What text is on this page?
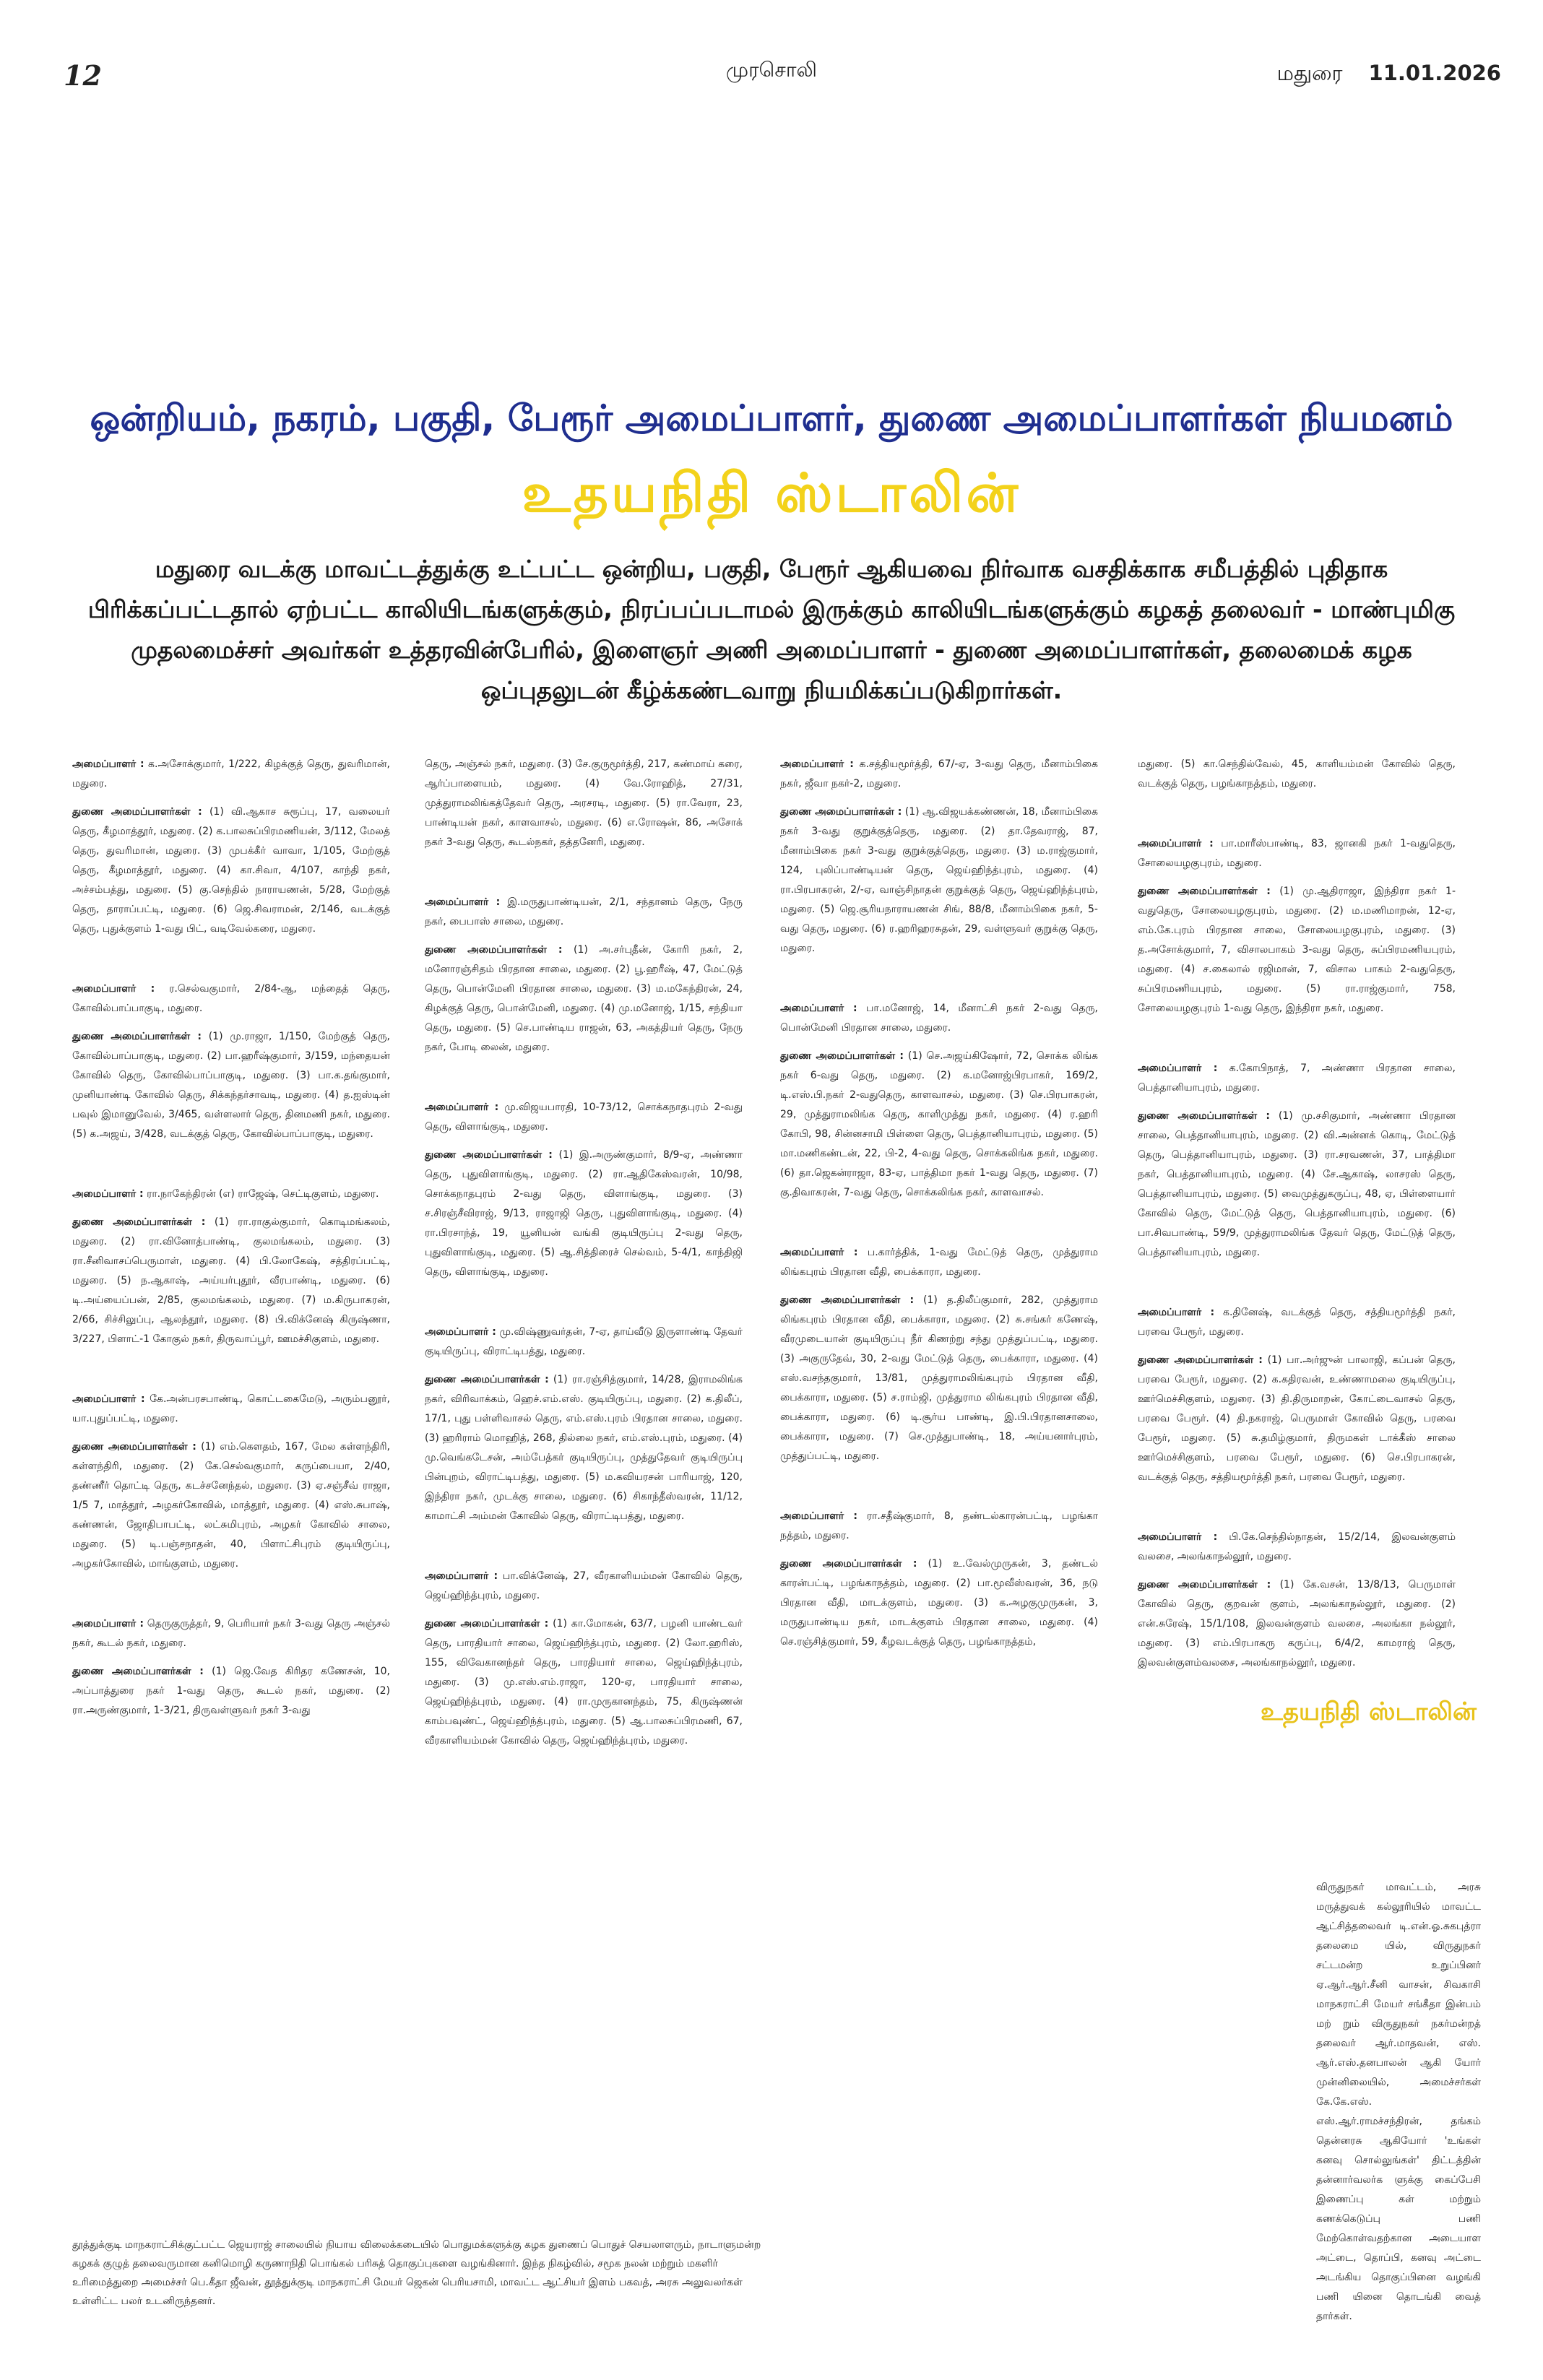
12	முரசொலி	மதுரை 11.01.2026
ஒன்றியம், நகரம், பகுதி, பேரூர் அமைப்பாளர், துணை அமைப்பாளர்கள் நியமனம்
உதயநிதி ஸ்டாலின்
மதுரை வடக்கு மாவட்டத்துக்கு உட்பட்ட ஒன்றிய, பகுதி, பேரூர் ஆகியவை நிர்வாக வசதிக்காக சமீபத்தில் புதிதாக பிரிக்கப்பட்டதால் ஏற்பட்ட காலியிடங்களுக்கும், நிரப்பப்படாமல் இருக்கும் காலியிடங்களுக்கும் கழகத் தலைவர் - மாண்புமிகு முதலமைச்சர் அவர்கள் உத்தரவின்பேரில், இளைஞர் அணி அமைப்பாளர் - துணை அமைப்பாளர்கள், தலைமைக் கழக ஒப்புதலுடன் கீழ்க்கண்டவாறு நியமிக்கப்படுகிறார்கள்.

அமைப்பாளர் : க.அசோக்குமார், 1/222, கிழக்குத் தெரு, துவரிமான், மதுரை.

துணை அமைப்பாளர்கள் : (1) வி.ஆகாச சுரூப்பு, 17, வலையர் தெரு, கீழமாத்தூர், மதுரை. (2) க.பாலசுப்பிரமணியன், 3/112, மேலத் தெரு, துவரிமான், மதுரை. (3) முபக்கீர் வாவா, 1/105, மேற்குத் தெரு, கீழமாத்தூர், மதுரை. (4) கா.சிவா, 4/107, காந்தி நகர், அச்சம்பத்து, மதுரை. (5) கு.செந்தில் நாராயணன், 5/28, மேற்குத் தெரு, தாராப்பட்டி, மதுரை. (6) ஜெ.சிவராமன், 2/146, வடக்குத் தெரு, புதுக்குளம் 1-வது பிட், வடிவேல்கரை, மதுரை.

அமைப்பாளர் : ர.செல்வகுமார், 2/84-ஆ, மந்தைத் தெரு, கோவில்பாப்பாகுடி, மதுரை.

துணை அமைப்பாளர்கள் : (1) மு.ராஜா, 1/150, மேற்குத் தெரு, கோவில்பாப்பாகுடி, மதுரை. (2) பா.ஹரீஷ்குமார், 3/159, மந்தையன் கோவில் தெரு, கோவில்பாப்பாகுடி, மதுரை. (3) பா.க.தங்குமார், முனியாண்டி கோவில் தெரு, சிக்கந்தர்சாவடி, மதுரை. (4) த.ஐஸ்டின் பவுல் இமானுவேல், 3/465, வள்ளலார் தெரு, தினமணி நகர், மதுரை. (5) க.அஜய், 3/428, வடக்குத் தெரு, கோவில்பாப்பாகுடி, மதுரை.

அமைப்பாளர் : ரா.நாகேந்திரன் (எ) ராஜேஷ், செட்டிகுளம், மதுரை.

துணை அமைப்பாளர்கள் : (1) ரா.ராகுல்குமார், கொடிமங்கலம், மதுரை. (2) ரா.வினோத்பாண்டி, குலமங்கலம், மதுரை. (3) ரா.சீனிவாசப்பெருமாள், மதுரை. (4) பி.லோகேஷ், சத்திரப்பட்டி, மதுரை. (5) ந.ஆகாஷ், அய்யர்புதூர், வீரபாண்டி, மதுரை. (6) டி.அய்யைப்பன், 2/85, குலமங்கலம், மதுரை. (7) ம.கிருபாகரன், 2/66, சிச்சிலுப்பு, ஆலந்தூர், மதுரை. (8) பி.விக்னேஷ் கிருஷ்ணா, 3/227, பிளாட்-1 கோகுல் நகர், திருவாப்பூர், ஊமச்சிகுளம், மதுரை.

அமைப்பாளர் : கே.அன்பரசபாண்டி, கொட்டகைமேடு, அரும்பனூர், யா.புதுப்பட்டி, மதுரை.

துணை அமைப்பாளர்கள் : (1) எம்.கௌதம், 167, மேல கள்ளந்திரி, கள்ளந்திரி, மதுரை. (2) கே.செல்வகுமார், கருப்பையா, 2/40, தண்ணீர் தொட்டி தெரு, கடச்சனேந்தல், மதுரை. (3) ஏ.சஞ்சீவ் ராஜா, 1/5 7, மாத்தூர், அழகர்கோவில், மாத்தூர், மதுரை. (4) எஸ்.சுபாஷ், கண்ணன், ஜோதிபாபட்டி, லட்சுமிபுரம், அழகர் கோவில் சாலை, மதுரை. (5) டி.பஞ்சநாதன், 40, பிளாட்சிபுரம் குடியிருப்பு, அழகர்கோவில், மாங்குளம், மதுரை.

அமைப்பாளர் : தெருகுருத்தர், 9, பெரியார் நகர் 3-வது தெரு அஞ்சல் நகர், கூடல் நகர், மதுரை.

துணை அமைப்பாளர்கள் : (1) ஜெ.வேத கிரிதர கணேசன், 10, அப்பாத்துரை நகர் 1-வது தெரு, கூடல் நகர், மதுரை. (2) ரா.அருண்குமார், 1-3/21, திருவள்ளுவர் நகர் 3-வது

தெரு, அஞ்சல் நகர், மதுரை. (3) சே.குருமூர்த்தி, 217, கண்மாய் கரை, ஆர்ப்பாளையம், மதுரை. (4) வே.ரோஹித், 27/31, முத்துராமலிங்கத்தேவர் தெரு, அரசரடி, மதுரை. (5) ரா.வேரா, 23, பாண்டியன் நகர், காளவாசல், மதுரை. (6) எ.ரோஷன், 86, அசோக் நகர் 3-வது தெரு, கூடல்நகர், தத்தனேரி, மதுரை.

அமைப்பாளர் : இ.மருதுபாண்டியன், 2/1, சந்தானம் தெரு, நேரு நகர், பைபாஸ் சாலை, மதுரை.

துணை அமைப்பாளர்கள் : (1) அ.சர்புதீன், கோரி நகர், 2, மனோரஞ்சிதம் பிரதான சாலை, மதுரை. (2) பூ.ஹரீஷ், 47, மேட்டுத் தெரு, பொன்மேனி பிரதான சாலை, மதுரை. (3) ம.மகேந்திரன், 24, கிழக்குத் தெரு, பொன்மேனி, மதுரை. (4) மு.மனோஜ், 1/15, சந்தியா தெரு, மதுரை. (5) செ.பாண்டிய ராஜன், 63, அகத்தியர் தெரு, நேரு நகர், போடி லைன், மதுரை.

அமைப்பாளர் : மு.விஜயபாரதி, 10-73/12, சொக்கநாதபுரம் 2-வது தெரு, விளாங்குடி, மதுரை.

துணை அமைப்பாளர்கள் : (1) இ.அருண்குமார், 8/9-ஏ, அண்ணா தெரு, புதுவிளாங்குடி, மதுரை. (2) ரா.ஆதிகேஸ்வரன், 10/98, சொக்கநாதபுரம் 2-வது தெரு, விளாங்குடி, மதுரை. (3) ச.சிரஞ்சீவிராஜ், 9/13, ராஜாஜி தெரு, புதுவிளாங்குடி, மதுரை. (4) ரா.பிரசாந்த், 19, யூனியன் வங்கி குடியிருப்பு 2-வது தெரு, புதுவிளாங்குடி, மதுரை. (5) ஆ.சித்திரைச் செல்வம், 5-4/1, காந்திஜி தெரு, விளாங்குடி, மதுரை.

அமைப்பாளர் : மு.விஷ்ணுவர்தன், 7-ஏ, தாய்வீடு இருளாண்டி தேவர் குடியிருப்பு, விராட்டிபத்து, மதுரை.

துணை அமைப்பாளர்கள் : (1) ரா.ரஞ்சித்குமார், 14/28, இராமலிங்க நகர், விரிவாக்கம், ஹெச்.எம்.எஸ். குடியிருப்பு, மதுரை. (2) க.திலீப், 17/1, புது பள்ளிவாசல் தெரு, எம்.எஸ்.புரம் பிரதான சாலை, மதுரை. (3) ஹரிராம் மொஹித், 268, தில்லை நகர், எம்.எஸ்.புரம், மதுரை. (4) மு.வெங்கடேசன், அம்பேத்கர் குடியிருப்பு, முத்துதேவர் குடியிருப்பு பின்புறம், விராட்டிபத்து, மதுரை. (5) ம.கவியரசன் பாரியாஜ், 120, இந்திரா நகர், முடக்கு சாலை, மதுரை. (6) சிகாந்தீஸ்வரன், 11/12, காமாட்சி அம்மன் கோவில் தெரு, விராட்டிபத்து, மதுரை.

அமைப்பாளர் : பா.விக்னேஷ், 27, வீரகாளியம்மன் கோவில் தெரு, ஜெய்ஹிந்த்புரம், மதுரை.

துணை அமைப்பாளர்கள் : (1) கா.மோகன், 63/7, பழனி யாண்டவர் தெரு, பாரதியார் சாலை, ஜெய்ஹிந்த்புரம், மதுரை. (2) லோ.ஹரிஸ், 155, விவேகானந்தர் தெரு, பாரதியார் சாலை, ஜெய்ஹிந்த்புரம், மதுரை. (3) மு.எஸ்.எம்.ராஜா, 120-ஏ, பாரதியார் சாலை, ஜெய்ஹிந்த்புரம், மதுரை. (4) ரா.முருகானந்தம், 75, கிருஷ்ணன் காம்பவுண்ட், ஜெய்ஹிந்த்புரம், மதுரை. (5) ஆ.பாலசுப்பிரமணி, 67, வீரகாளியம்மன் கோவில் தெரு, ஜெய்ஹிந்த்புரம், மதுரை.

அமைப்பாளர் : க.சத்தியமூர்த்தி, 67/-ஏ, 3-வது தெரு, மீனாம்பிகை நகர், ஜீவா நகர்-2, மதுரை.

துணை அமைப்பாளர்கள் : (1) ஆ.விஜயக்கண்ணன், 18, மீனாம்பிகை நகர் 3-வது குறுக்குத்தெரு, மதுரை. (2) தா.தேவராஜ், 87, மீனாம்பிகை நகர் 3-வது குறுக்குத்தெரு, மதுரை. (3) ம.ராஜ்குமார், 124, புலிப்பாண்டியன் தெரு, ஜெய்ஹிந்த்புரம், மதுரை. (4) ரா.பிரபாகரன், 2/-ஏ, வாஞ்சிநாதன் குறுக்குத் தெரு, ஜெய்ஹிந்த்புரம், மதுரை. (5) ஜெ.சூரியநாராயணன் சிங், 88/8, மீனாம்பிகை நகர், 5-வது தெரு, மதுரை. (6) ர.ஹரிஹரசுதன், 29, வள்ளுவர் குறுக்கு தெரு, மதுரை.

அமைப்பாளர் : பா.மனோஜ், 14, மீனாட்சி நகர் 2-வது தெரு, பொன்மேனி பிரதான சாலை, மதுரை.

துணை அமைப்பாளர்கள் : (1) செ.அஜய்கிஷோர், 72, சொக்க லிங்க நகர் 6-வது தெரு, மதுரை. (2) க.மனோஜ்பிரபாகர், 169/2, டி.எஸ்.பி.நகர் 2-வதுதெரு, காளவாசல், மதுரை. (3) செ.பிரபாகரன், 29, முத்துராமலிங்க தெரு, காளிமுத்து நகர், மதுரை. (4) ர.ஹரி கோபி, 98, சின்னசாமி பிள்ளை தெரு, பெத்தானியாபுரம், மதுரை. (5) மா.மணிகண்டன், 22, பி-2, 4-வது தெரு, சொக்கலிங்க நகர், மதுரை. (6) தா.ஜெகன்ராஜா, 83-ஏ, பாத்திமா நகர் 1-வது தெரு, மதுரை. (7) கு.திவாகரன், 7-வது தெரு, சொக்கலிங்க நகர், காளவாசல்.

அமைப்பாளர் : ப.கார்த்திக், 1-வது மேட்டுத் தெரு, முத்துராம லிங்கபுரம் பிரதான வீதி, பைக்காரா, மதுரை.

துணை அமைப்பாளர்கள் : (1) த.திலீப்குமார், 282, முத்துராம லிங்கபுரம் பிரதான வீதி, பைக்காரா, மதுரை. (2) சு.சங்கர் கணேஷ், வீரமுடையான் குடியிருப்பு நீர் கிணற்று சந்து முத்துப்பட்டி, மதுரை. (3) அகுருதேவ், 30, 2-வது மேட்டுத் தெரு, பைக்காரா, மதுரை. (4) எஸ்.வசந்தகுமார், 13/81, முத்துராமலிங்கபுரம் பிரதான வீதி, பைக்காரா, மதுரை. (5) ச.ராம்ஜி, முத்துராம லிங்கபுரம் பிரதான வீதி, பைக்காரா, மதுரை. (6) டி.சூர்ய பாண்டி, இ.பி.பிரதானசாலை, பைக்காரா, மதுரை. (7) செ.முத்துபாண்டி, 18, அய்யனார்புரம், முத்துப்பட்டி, மதுரை.

அமைப்பாளர் : ரா.சதீஷ்குமார், 8, தண்டல்காரன்பட்டி, பழங்கா நத்தம், மதுரை.

துணை அமைப்பாளர்கள் : (1) உ.வேல்முருகன், 3, தண்டல் காரன்பட்டி, பழங்காநத்தம், மதுரை. (2) பா.மூவீஸ்வரன், 36, நடு பிரதான வீதி, மாடக்குளம், மதுரை. (3) க.அழகுமுருகன், 3, மருதுபாண்டிய நகர், மாடக்குளம் பிரதான சாலை, மதுரை. (4) செ.ரஞ்சித்குமார், 59, கீழவடக்குத் தெரு, பழங்காநத்தம்,

மதுரை. (5) கா.செந்தில்வேல், 45, காளியம்மன் கோவில் தெரு, வடக்குத் தெரு, பழங்காநத்தம், மதுரை.

அமைப்பாளர் : பா.மாரீஸ்பாண்டி, 83, ஜானகி நகர் 1-வதுதெரு, சோலையழகுபுரம், மதுரை.

துணை அமைப்பாளர்கள் : (1) மு.ஆதிராஜா, இந்திரா நகர் 1-வதுதெரு, சோலையழகுபுரம், மதுரை. (2) ம.மணிமாறன், 12-ஏ, எம்.கே.புரம் பிரதான சாலை, சோலையழகுபுரம், மதுரை. (3) த.அசோக்குமார், 7, விசாலபாகம் 3-வது தெரு, சுப்பிரமணியபுரம், மதுரை. (4) ச.கைலால் ரஜிமான், 7, விசால பாகம் 2-வதுதெரு, சுப்பிரமணியபுரம், மதுரை. (5) ரா.ராஜ்குமார், 758, சோலையழகுபுரம் 1-வது தெரு, இந்திரா நகர், மதுரை.

அமைப்பாளர் : க.கோபிநாத், 7, அண்ணா பிரதான சாலை, பெத்தானியாபுரம், மதுரை.

துணை அமைப்பாளர்கள் : (1) மு.சசிகுமார், அண்ணா பிரதான சாலை, பெத்தானியாபுரம், மதுரை. (2) வி.அன்னக் கொடி, மேட்டுத் தெரு, பெத்தானியாபுரம், மதுரை. (3) ரா.சரவணன், 37, பாத்திமா நகர், பெத்தானியாபுரம், மதுரை. (4) சே.ஆகாஷ், லாசரஸ் தெரு, பெத்தானியாபுரம், மதுரை. (5) வைமுத்துகருப்பு, 48, ஏ, பிள்ளையார் கோவில் தெரு, மேட்டுத் தெரு, பெத்தானியாபுரம், மதுரை. (6) பா.சிவபாண்டி, 59/9, முத்துராமலிங்க தேவர் தெரு, மேட்டுத் தெரு, பெத்தானியாபுரம், மதுரை.

அமைப்பாளர் : க.தினேஷ், வடக்குத் தெரு, சத்தியமூர்த்தி நகர், பரவை பேரூர், மதுரை.

துணை அமைப்பாளர்கள் : (1) பா.அர்ஜுன் பாலாஜி, கப்பன் தெரு, பரவை பேரூர், மதுரை. (2) க.கதிரவன், உண்ணாமலை குடியிருப்பு, ஊர்மெச்சிகுளம், மதுரை. (3) தி.திருமாறன், கோட்டைவாசல் தெரு, பரவை பேரூர். (4) தி.நகராஜ், பெருமாள் கோவில் தெரு, பரவை பேரூர், மதுரை. (5) சு.தமிழ்குமார், திருமகள் டாக்கீஸ் சாலை ஊர்மெச்சிகுளம், பரவை பேரூர், மதுரை. (6) செ.பிரபாகரன், வடக்குத் தெரு, சத்தியமூர்த்தி நகர், பரவை பேரூர், மதுரை.

அமைப்பாளர் : பி.கே.செந்தில்நாதன், 15/2/14, இலவன்குளம் வலசை, அலங்காநல்லூர், மதுரை.

துணை அமைப்பாளர்கள் : (1) கே.வசன், 13/8/13, பெருமாள் கோவில் தெரு, குறவன் குளம், அலங்காநல்லூர், மதுரை. (2) என்.சுரேஷ், 15/1/108, இலவன்குளம் வலசை, அலங்கா நல்லூர், மதுரை. (3) எம்.பிரபாகரு கருப்பு, 6/4/2, காமராஜ் தெரு, இலவன்குளம்வலசை, அலங்காநல்லூர், மதுரை.

உதயநிதி ஸ்டாலின்
விருதுநகர் மாவட்டம், அரசு மருத்துவக் கல்லூரியில் மாவட்ட ஆட்சித்தலைவர் டி.என்.ஓ.சுகபுத்ரா தலைமை யில், விருதுநகர் சட்டமன்ற உறுப்பினர் ஏ.ஆர்.ஆர்.சீனி வாசன், சிவகாசி மாநகராட்சி மேயர் சங்கீதா இன்பம் மற் றும் விருதுநகர் நகர்மன்றத் தலைவர் ஆர்.மாதவன், எஸ். ஆர்.எஸ்.தனபாலன் ஆகி யோர் முன்னிலையில், அமைச்சர்கள் கே.கே.எஸ். எஸ்.ஆர்.ராமச்சந்திரன், தங்கம் தென்னரசு ஆகியோர் 'உங்கள் கனவு சொல்லுங்கள்' திட்டத்தின் தன்னார்வலர்க ளுக்கு கைப்பேசி இணைப்பு கள் மற்றும் கணக்கெடுப்பு பணி மேற்கொள்வதற்கான அடையாள அட்டை, தொப்பி, கனவு அட்டை அடங்கிய தொகுப்பினை வழங்கி பணி யினை தொடங்கி வைத் தார்கள்.
தூத்துக்குடி மாநகராட்சிக்குட்பட்ட ஜெயராஜ் சாலையில் நியாய விலைக்கடையில் பொதுமக்களுக்கு கழக துணைப் பொதுச் செயலாளரும், நாடாளுமன்ற கழகக் குழுத் தலைவருமான கனிமொழி கருணாநிதி பொங்கல் பரிசுத் தொகுப்புகளை வழங்கினார். இந்த நிகழ்வில், சமூக நலன் மற்றும் மகளிர் உரிமைத்துறை அமைச்சர் பெ.கீதா ஜீவன், தூத்துக்குடி மாநகராட்சி மேயர் ஜெகன் பெரியசாமி, மாவட்ட ஆட்சியர் இளம் பகவத், அரசு அலுவலர்கள் உள்ளிட்ட பலர் உடனிருந்தனர்.
